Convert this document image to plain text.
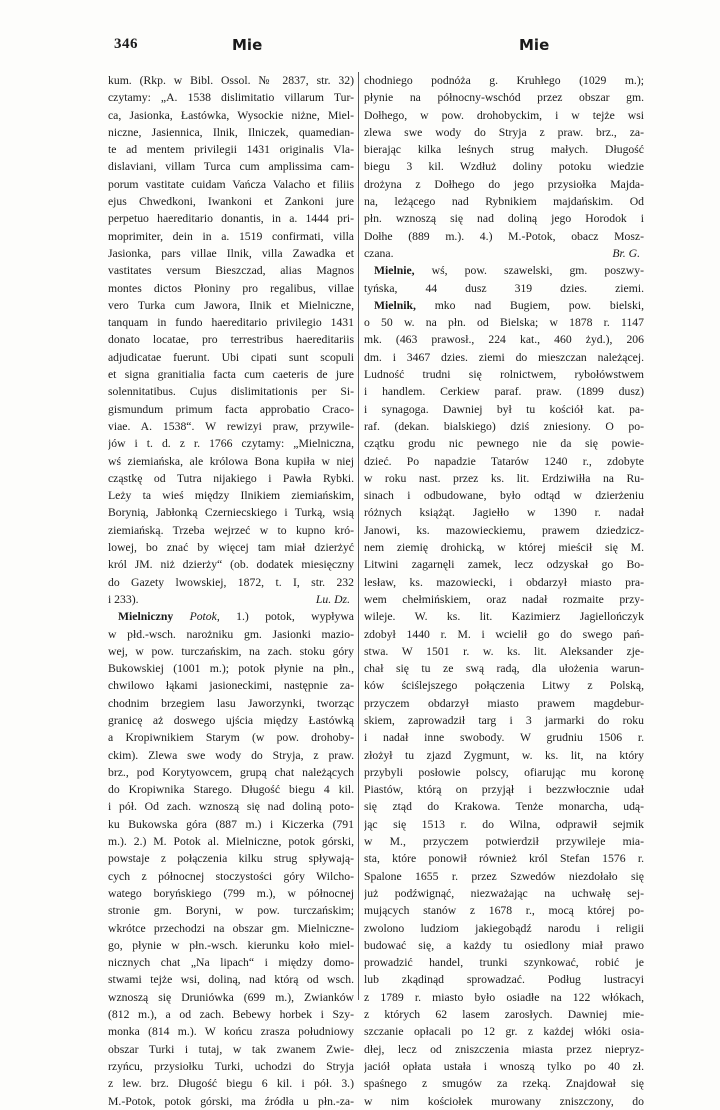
346	Mie	Mie
kum. (Rkp. w Bibl. Ossol. № 2837, str. 32)
czytamy: „A. 1538 dislimitatio villarum Tur-
ca, Jasionka, Łastówka, Wysockie niżne, Miel-
niczne, Jasiennica, Ilnik, Ilniczek, quamedian-
te ad mentem privilegii 1431 originalis Vla-
dislaviani, villam Turca cum amplissima cam-
porum vastitate cuidam Vańcza Valacho et filiis
ejus Chwedkoni, Iwankoni et Zankoni jure
perpetuo haereditario donantis, in a. 1444 pri-
moprimiter, dein in a. 1519 confirmati, villa
Jasionka, pars villae Ilnik, villa Zawadka et
vastitates versum Bieszczad, alias Magnos
montes dictos Płoniny pro regalibus, villae
vero Turka cum Jawora, Ilnik et Mielniczne,
tanquam in fundo haereditario privilegio 1431
donato locatae, pro terrestribus haereditariis
adjudicatae fuerunt. Ubi cipati sunt scopuli
et signa granitialia facta cum caeteris de jure
solennitatibus. Cujus dislimitationis per Si-
gismundum primum facta approbatio Craco-
viae. A. 1538“. W rewizyi praw, przywile-
jów i t. d. z r. 1766 czytamy: „Mielniczna,
wś ziemiańska, ale królowa Bona kupiła w niej
cząstkę od Tutra nijakiego i Pawła Rybki.
Leży ta wieś między Ilnikiem ziemiańskim,
Borynią, Jabłonką Czerniecskiego i Turką, wsią
ziemiańską. Trzeba wejrzeć w to kupno kró-
lowej, bo znać by więcej tam miał dzierżyć
król JM. niż dzierży“ (ob. dodatek miesięczny
do Gazety lwowskiej, 1872, t. I, str. 232
i 233).	Lu. Dz.
Mielniczny Potok, 1.) potok, wypływa
w płd.-wsch. narożniku gm. Jasionki mazio-
wej, w pow. turczańskim, na zach. stoku góry
Bukowskiej (1001 m.); potok płynie na płn.,
chwilowo łąkami jasioneckimi, następnie za-
chodnim brzegiem lasu Jaworzynki, tworząc
granicę aż doswego ujścia między Łastówką
a Kropiwnikiem Starym (w pow. drohoby-
ckim). Zlewa swe wody do Stryja, z praw.
brz., pod Korytyowcem, grupą chat należących
do Kropiwnika Starego. Długość biegu 4 kil.
i pół. Od zach. wznoszą się nad doliną poto-
ku Bukowska góra (887 m.) i Kiczerka (791
m.). 2.) M. Potok al. Mielniczne, potok górski,
powstaje z połączenia kilku strug spływają-
cych z północnej stoczystości góry Wilcho-
watego boryńskiego (799 m.), w północnej
stronie gm. Boryni, w pow. turczańskim;
wkrótce przechodzi na obszar gm. Mielniczne-
go, płynie w płn.-wsch. kierunku koło miel-
nicznych chat „Na lipach“ i między domo-
stwami tejże wsi, doliną, nad którą od wsch.
wznoszą się Druniówka (699 m.), Zwianków
(812 m.), a od zach. Bebewy horbek i Szy-
monka (814 m.). W końcu zrasza południowy
obszar Turki i tutaj, w tak zwanem Zwie-
rzyńcu, przysiołku Turki, uchodzi do Stryja
z lew. brz. Długość biegu 6 kil. i pół. 3.)
M.-Potok, potok górski, ma źródła u płn.-za-
chodniego podnóża g. Kruhłego (1029 m.);
płynie na północny-wschód przez obszar gm.
Dołhego, w pow. drohobyckim, i w tejże wsi
zlewa swe wody do Stryja z praw. brz., za-
bierając kilka leśnych strug małych. Długość
biegu 3 kil. Wzdłuż doliny potoku wiedzie
drożyna z Dołhego do jego przysiołka Majda-
na, leżącego nad Rybnikiem majdańskim. Od
płn. wznoszą się nad doliną jego Horodok i
Dołhe (889 m.). 4.) M.-Potok, obacz Mosz-
czana.	Br. G.
Mielnie, wś, pow. szawelski, gm. poszwy-
tyńska, 44 dusz 319 dzies. ziemi.
Mielnik, mko nad Bugiem, pow. bielski,
o 50 w. na płn. od Bielska; w 1878 r. 1147
mk. (463 prawosł., 224 kat., 460 żyd.), 206
dm. i 3467 dzies. ziemi do mieszczan należącej.
Ludność trudni się rolnictwem, rybołówstwem
i handlem. Cerkiew paraf. praw. (1899 dusz)
i synagoga. Dawniej był tu kościół kat. pa-
raf. (dekan. bialskiego) dziś zniesiony. O po-
czątku grodu nic pewnego nie da się powie-
dzieć. Po napadzie Tatarów 1240 r., zdobyte
w roku nast. przez ks. lit. Erdziwiłła na Ru-
sinach i odbudowane, było odtąd w dzierżeniu
różnych książąt. Jagiełło w 1390 r. nadał
Janowi, ks. mazowieckiemu, prawem dziedzicz-
nem ziemię drohicką, w której mieścił się M.
Litwini zagarnęli zamek, lecz odzyskał go Bo-
lesław, ks. mazowiecki, i obdarzył miasto pra-
wem chełmińskiem, oraz nadał rozmaite przy-
wileje. W. ks. lit. Kazimierz Jagiellończyk
zdobył 1440 r. M. i wcielił go do swego pań-
stwa. W 1501 r. w. ks. lit. Aleksander zje-
chał się tu ze swą radą, dla ułożenia warun-
ków ściślejszego połączenia Litwy z Polską,
przyczem obdarzył miasto prawem magdebur-
skiem, zaprowadził targ i 3 jarmarki do roku
i nadał inne swobody. W grudniu 1506 r.
złożył tu zjazd Zygmunt, w. ks. lit, na który
przybyli posłowie polscy, ofiarując mu koronę
Piastów, którą on przyjął i bezzwłocznie udał
się ztąd do Krakowa. Tenże monarcha, udą-
jąc się 1513 r. do Wilna, odprawił sejmik
w M., przyczem potwierdził przywileje mia-
sta, które ponowił również król Stefan 1576 r.
Spalone 1655 r. przez Szwedów niezdołało się
już podźwignąć, niezważając na uchwałę sej-
mujących stanów z 1678 r., mocą której po-
zwolono ludziom jakiegobądź narodu i religii
budować się, a każdy tu osiedlony miał prawo
prowadzić handel, trunki szynkować, robić je
lub zkądinąd sprowadzać. Podług lustracyi
z 1789 r. miasto było osiadłe na 122 włókach,
z których 62 lasem zarosłych. Dawniej mie-
szczanie opłacali po 12 gr. z każdej włóki osia-
dłej, lecz od zniszczenia miasta przez niepryz-
jaciół opłata ustała i wnoszą tylko po 40 zł.
spaśnego z smugów za rzeką. Znajdował się
w nim kościołek murowany zniszczony, do
